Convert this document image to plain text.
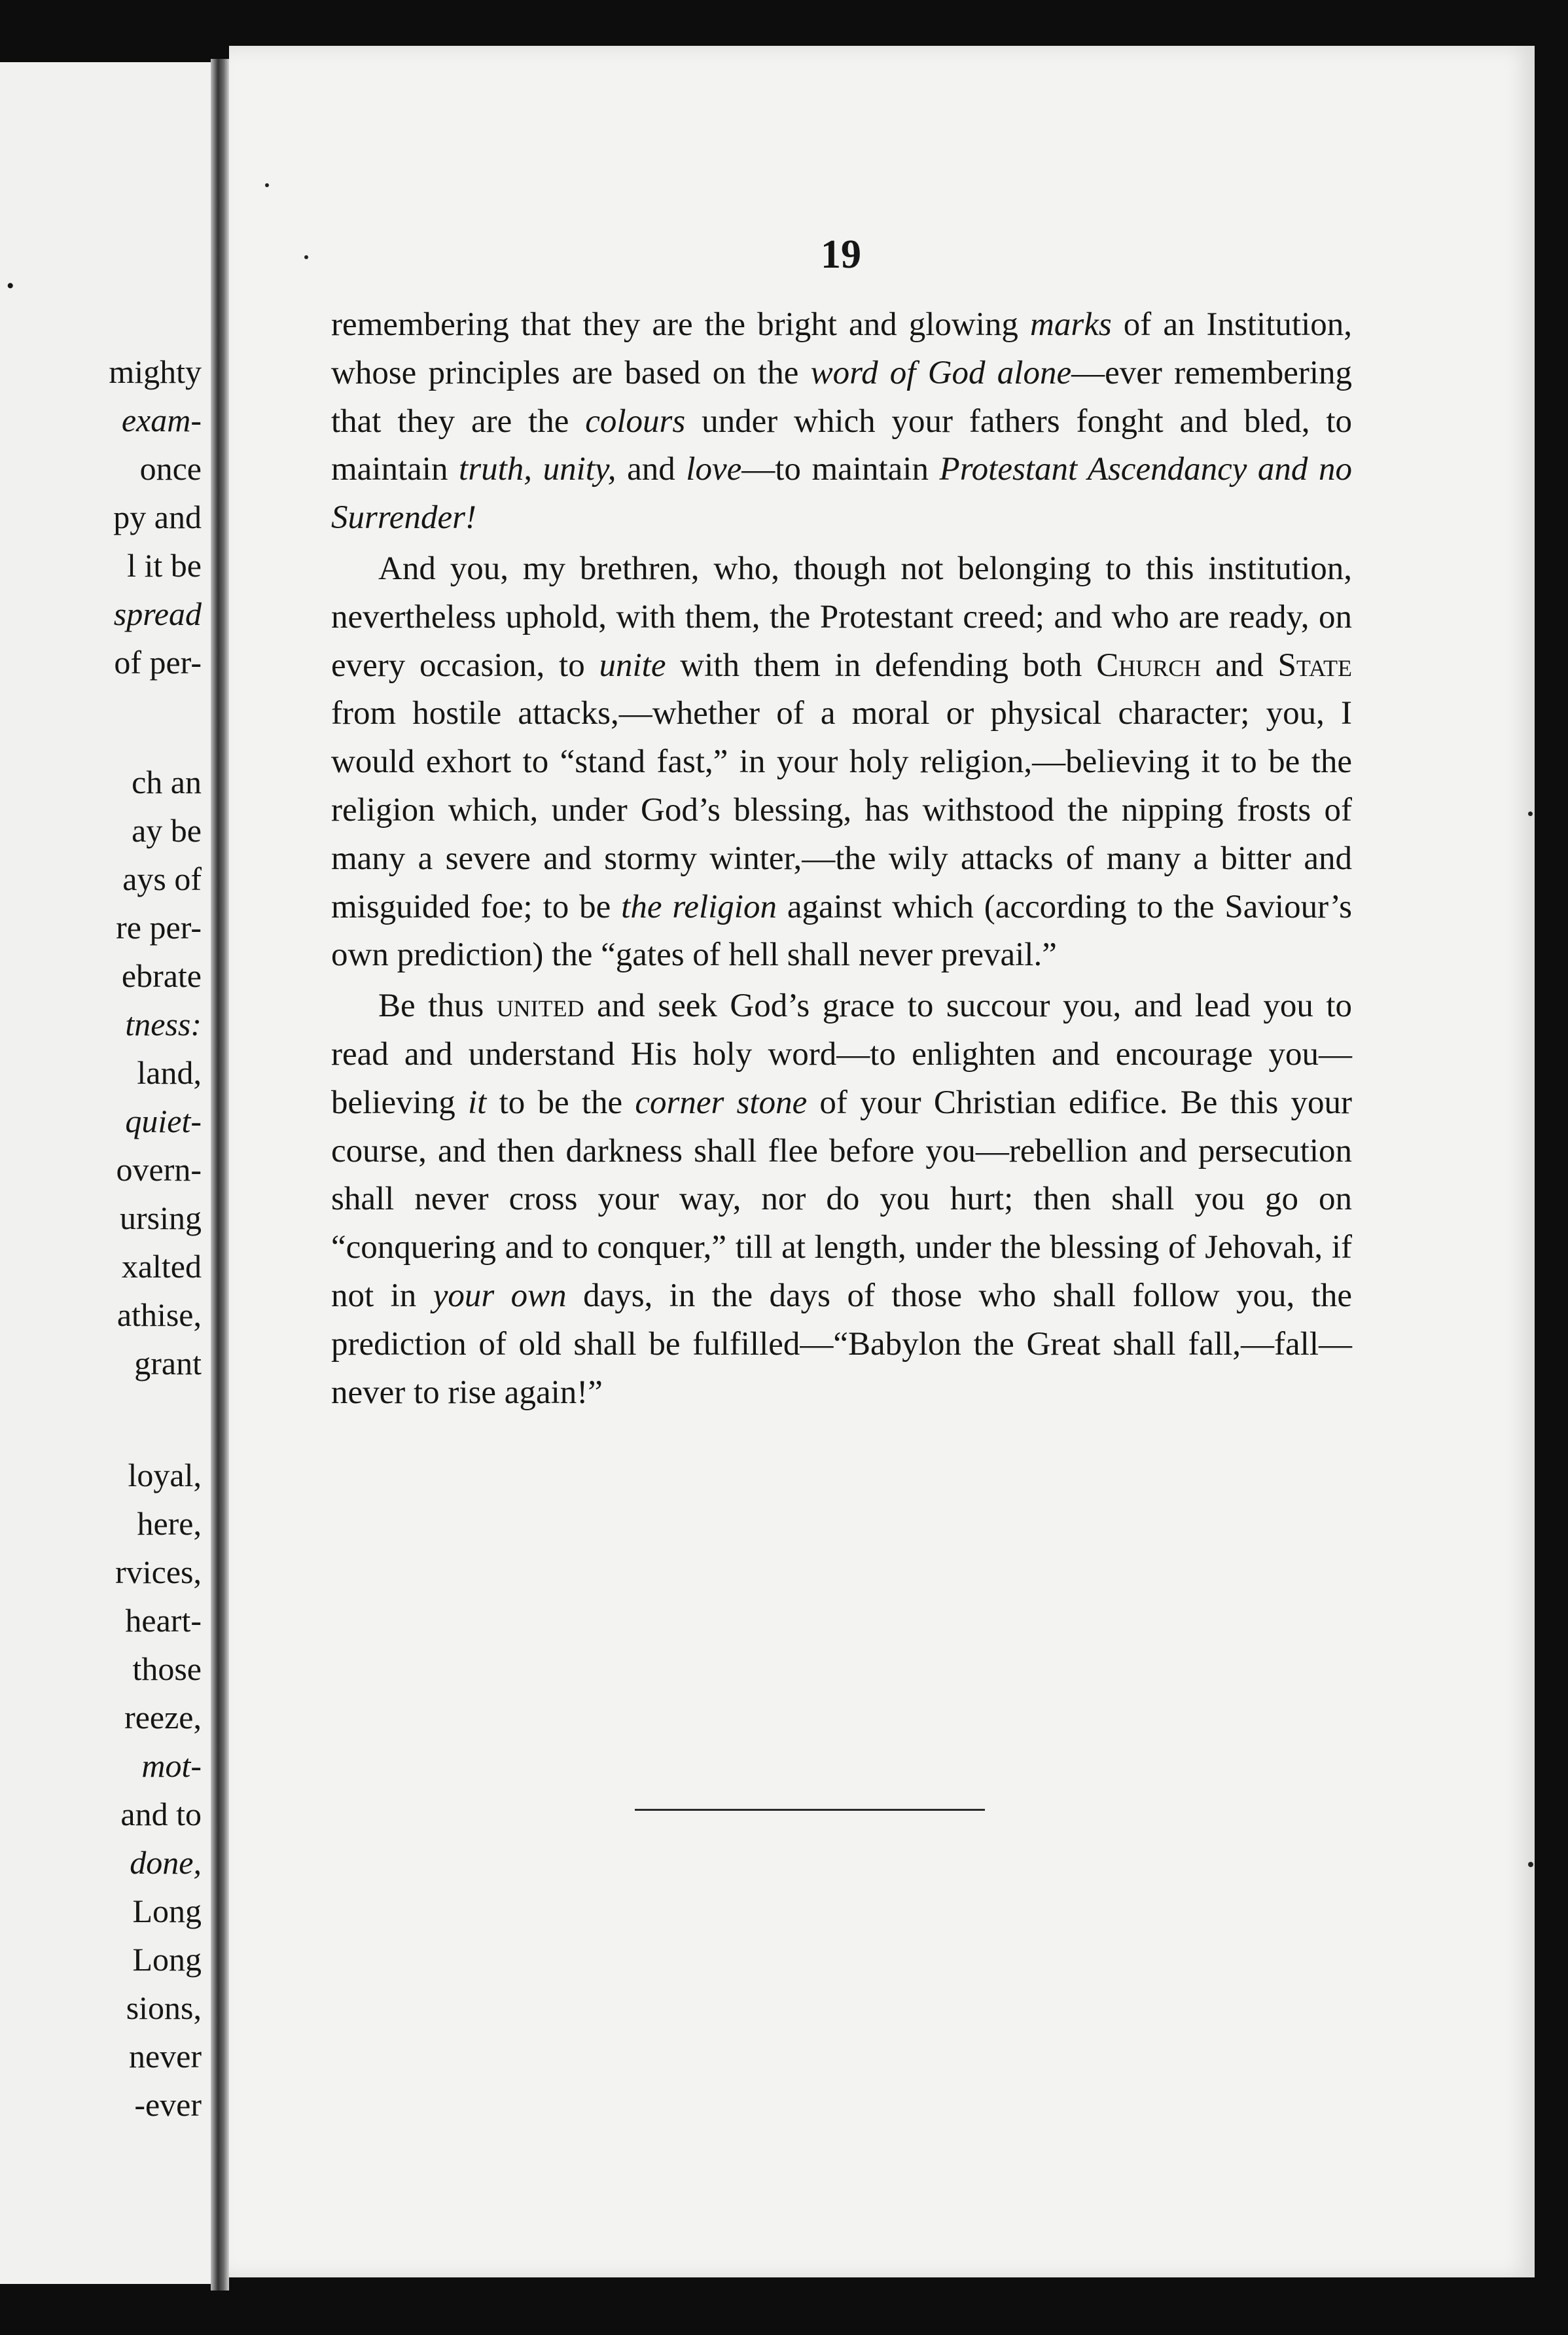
.
mighty
exam-
once
py and
l it be
spread
of per-
ch an
ay be
ays of
re per-
ebrate
tness:
land,
quiet-
overn-
ursing
xalted
athise,
grant
loyal,
here,
rvices,
heart-
those
reeze,
mot-
and to
done,
Long
Long
sions,
never
-ever
19

remembering that they are the bright and glowing marks of an Institution, whose principles are based on the word of God alone—ever remembering that they are the colours under which your fathers fonght and bled, to maintain truth, unity, and love—to maintain Protestant Ascendancy and no Surrender!

And you, my brethren, who, though not belonging to this institution, nevertheless uphold, with them, the Protestant creed; and who are ready, on every occasion, to unite with them in defending both Church and State from hostile attacks,—whether of a moral or physical character; you, I would exhort to “stand fast,” in your holy religion,—believing it to be the religion which, under God’s blessing, has withstood the nipping frosts of many a severe and stormy winter,—the wily attacks of many a bitter and misguided foe; to be the religion against which (according to the Saviour’s own prediction) the “gates of hell shall never prevail.”

Be thus united and seek God’s grace to succour you, and lead you to read and understand His holy word—to enlighten and encourage you—believing it to be the corner stone of your Christian edifice. Be this your course, and then darkness shall flee before you—rebellion and persecution shall never cross your way, nor do you hurt; then shall you go on “conquering and to conquer,” till at length, under the blessing of Jehovah, if not in your own days, in the days of those who shall follow you, the prediction of old shall be fulfilled—“Babylon the Great shall fall,—fall—never to rise again!”
